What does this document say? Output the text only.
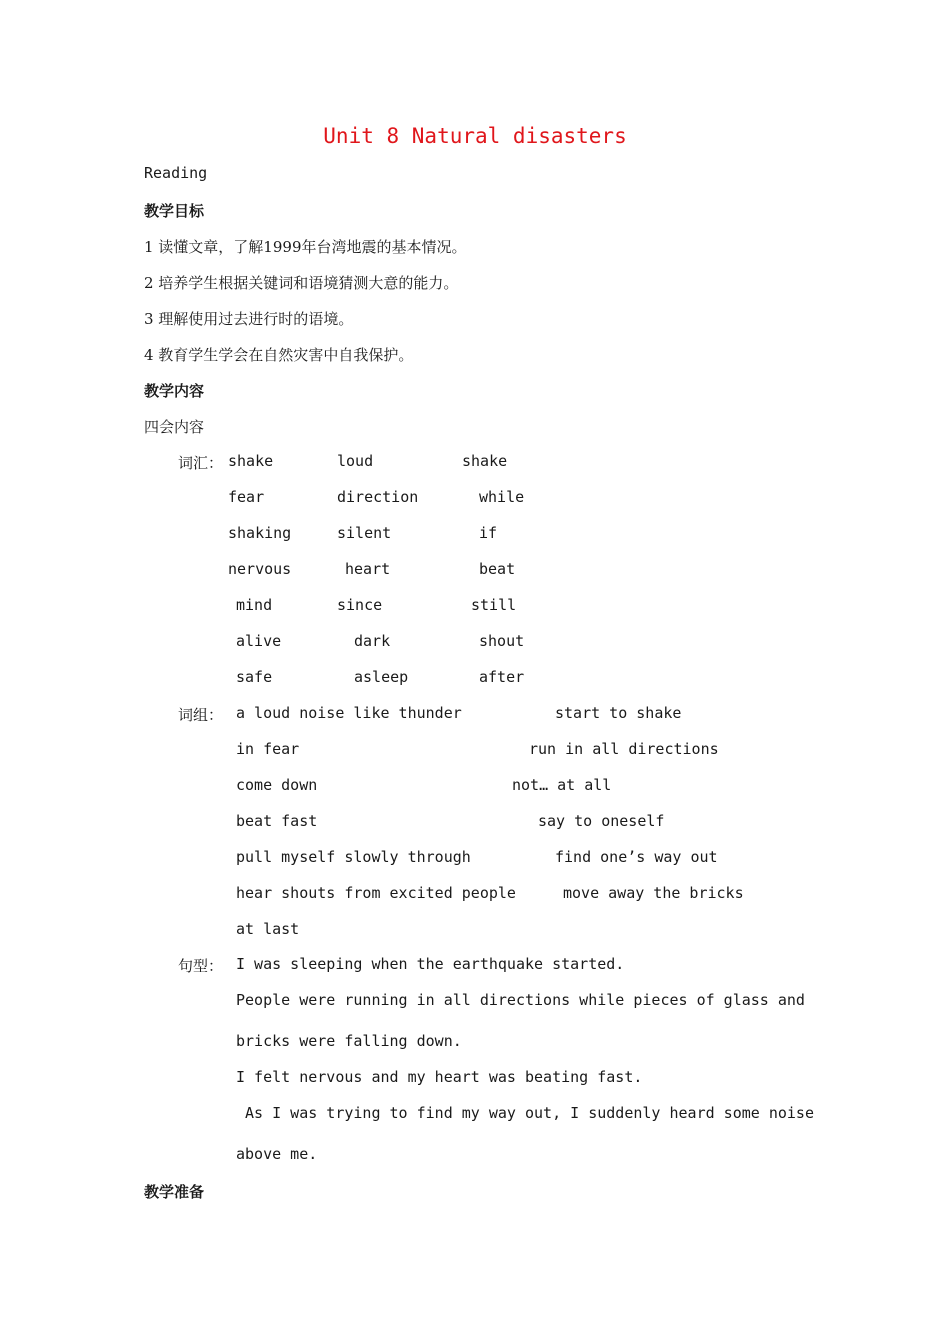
Unit 8 Natural disasters
Reading
教学目标
1 读懂文章，了解1999年台湾地震的基本情况。
2 培养学生根据关键词和语境猜测大意的能力。
3 理解使用过去进行时的语境。
4 教育学生学会在自然灾害中自我保护。
教学内容
四会内容
词汇： shake	loud	shake
fear	direction	while
shaking	silent	if
nervous	heart	beat
mind	since	still
alive	dark	shout
safe	asleep	after
词组： a loud noise like thunder	start to shake
in fear	run in all directions
come down	not… at all
beat fast	say to oneself
pull myself slowly through	find one’s way out
hear shouts from excited people	move away the bricks
at last
句型： I was sleeping when the earthquake started.
People were running in all directions while pieces of glass and
bricks were falling down.
I felt nervous and my heart was beating fast.
As I was trying to find my way out, I suddenly heard some noise
above me.
教学准备
